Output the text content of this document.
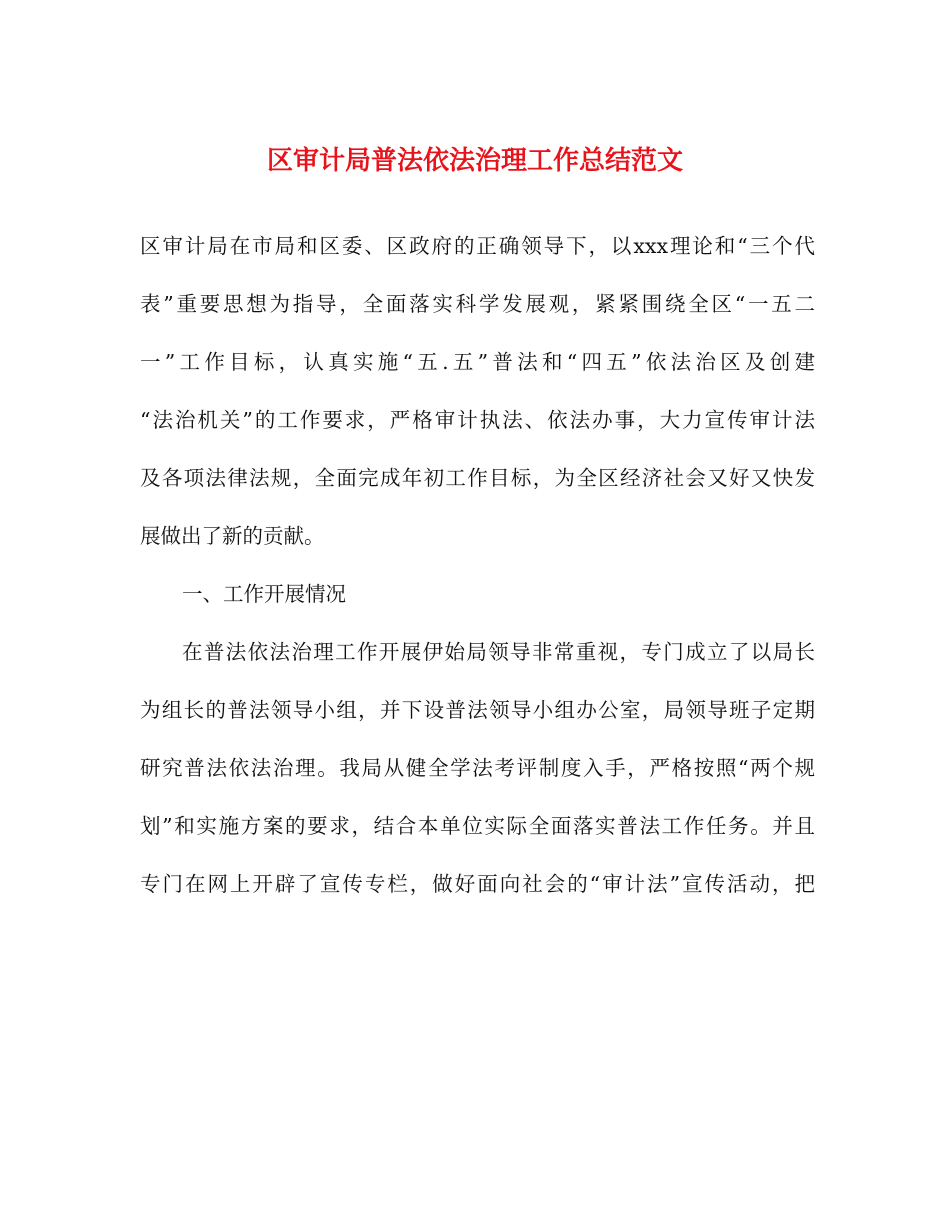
区审计局普法依法治理工作总结范文
区审计局在市局和区委、区政府的正确领导下，以xxx理论和“三个代
表”重要思想为指导，全面落实科学发展观，紧紧围绕全区“一五二
一”工作目标，认真实施“五.五”普法和“四五”依法治区及创建
“法治机关”的工作要求，严格审计执法、依法办事，大力宣传审计法
及各项法律法规，全面完成年初工作目标，为全区经济社会又好又快发
展做出了新的贡献。
一、工作开展情况
在普法依法治理工作开展伊始局领导非常重视，专门成立了以局长
为组长的普法领导小组，并下设普法领导小组办公室，局领导班子定期
研究普法依法治理。我局从健全学法考评制度入手，严格按照“两个规
划”和实施方案的要求，结合本单位实际全面落实普法工作任务。并且
专门在网上开辟了宣传专栏，做好面向社会的“审计法”宣传活动，把
